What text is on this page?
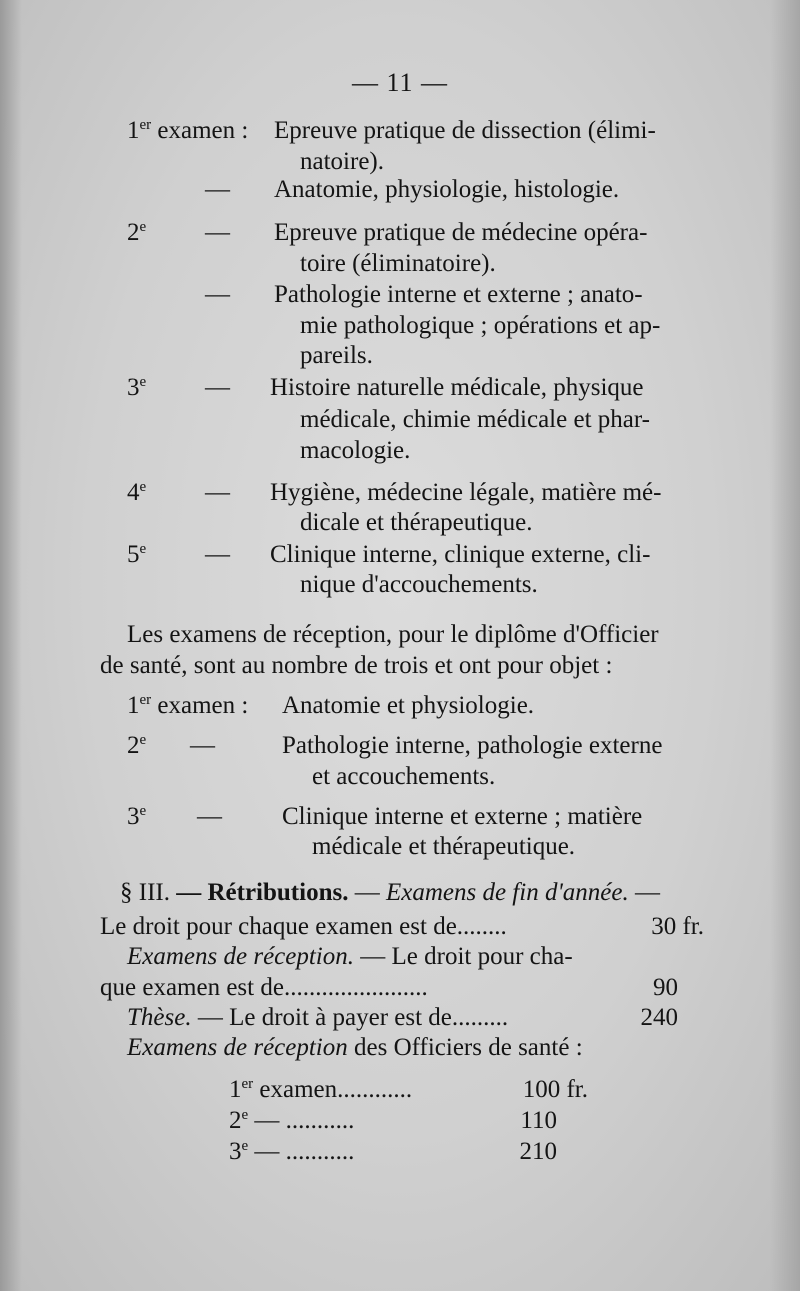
— 11 —
1er examen : Epreuve pratique de dissection (élimi-
natoire).
— Anatomie, physiologie, histologie.
2e — Epreuve pratique de médecine opéra-
toire (éliminatoire).
— Pathologie interne et externe ; anato-
mie pathologique ; opérations et ap-
pareils.
3e — Histoire naturelle médicale, physique
médicale, chimie médicale et phar-
macologie.
4e — Hygiène, médecine légale, matière mé-
dicale et thérapeutique.
5e — Clinique interne, clinique externe, cli-
nique d'accouchements.
Les examens de réception, pour le diplôme d'Officier
de santé, sont au nombre de trois et ont pour objet :
1er examen : Anatomie et physiologie.
2e —	Pathologie interne, pathologie externe
et accouchements.
3e — Clinique interne et externe ; matière
médicale et thérapeutique.
§ III. — Rétributions. — Examens de fin d'année. —
Le droit pour chaque examen est de........	30 fr.
Examens de réception. — Le droit pour cha-
que examen est de.......................	90
Thèse. — Le droit à payer est de.........	240
Examens de réception des Officiers de santé :
1er examen............	100 fr.
2e — ...........	110
3e — ...........	210
